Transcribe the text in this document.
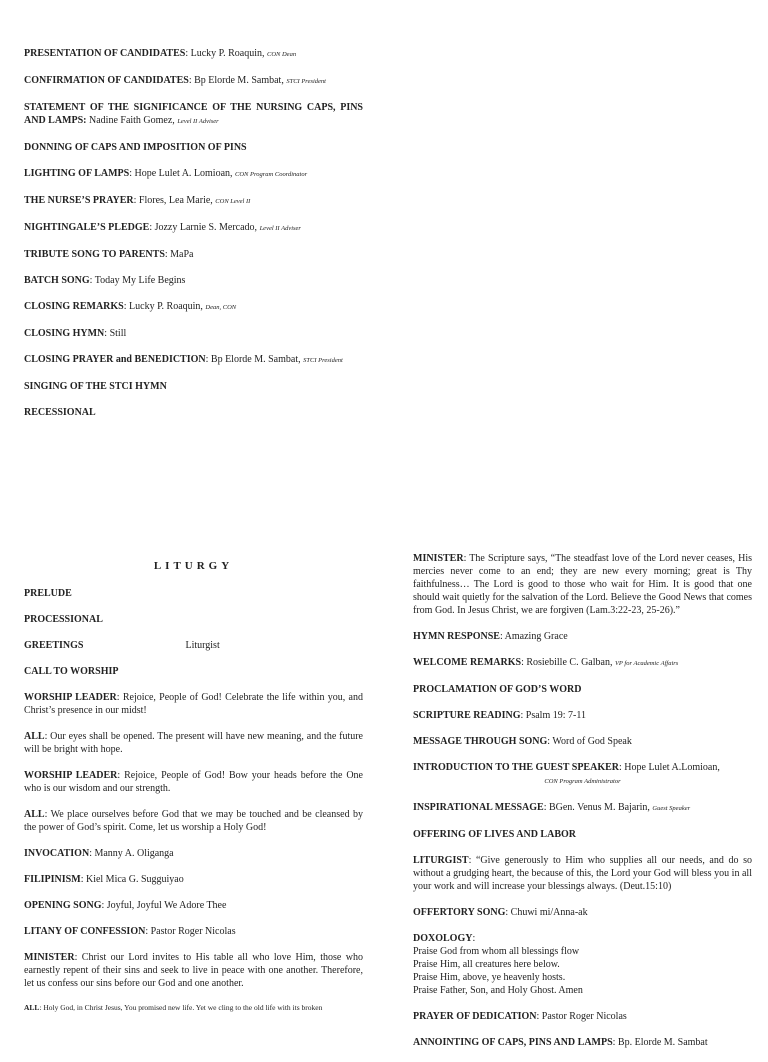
PRESENTATION OF CANDIDATES: Lucky P. Roaquin, CON Dean
CONFIRMATION OF CANDIDATES: Bp Elorde M. Sambat, STCI President
STATEMENT OF THE SIGNIFICANCE OF THE NURSING CAPS, PINS AND LAMPS: Nadine Faith Gomez, Level II Adviser
DONNING OF CAPS AND IMPOSITION OF PINS
LIGHTING OF LAMPS: Hope Lulet A. Lomioan, CON Program Coordinator
THE NURSE’S PRAYER: Flores, Lea Marie, CON Level II
NIGHTINGALE’S PLEDGE: Jozzy Larnie S. Mercado, Level II Adviser
TRIBUTE SONG TO PARENTS: MaPa
BATCH SONG: Today My Life Begins
CLOSING REMARKS: Lucky P. Roaquin, Dean, CON
CLOSING HYMN: Still
CLOSING PRAYER and BENEDICTION: Bp Elorde M. Sambat, STCI President
SINGING OF THE STCI HYMN
RECESSIONAL
LITURGY
PRELUDE
PROCESSIONAL
GREETINGS	Liturgist
CALL TO WORSHIP
WORSHIP LEADER: Rejoice, People of God! Celebrate the life within you, and Christ’s presence in our midst!
ALL: Our eyes shall be opened. The present will have new meaning, and the future will be bright with hope.
WORSHIP LEADER: Rejoice, People of God! Bow your heads before the One who is our wisdom and our strength.
ALL: We place ourselves before God that we may be touched and be cleansed by the power of God’s spirit. Come, let us worship a Holy God!
INVOCATION: Manny A. Oliganga
FILIPINISM: Kiel Mica G. Sugguiyao
OPENING SONG: Joyful, Joyful We Adore Thee
LITANY OF CONFESSION: Pastor Roger Nicolas
MINISTER: Christ our Lord invites to His table all who love Him, those who earnestly repent of their sins and seek to live in peace with one another. Therefore, let us confess our sins before our God and one another.
ALL: Holy God, in Christ Jesus, You promised new life. Yet we cling to the old life with its broken
MINISTER: The Scripture says, “The steadfast love of the Lord never ceases, His mercies never come to an end; they are new every morning; great is Thy faithfulness… The Lord is good to those who wait for Him. It is good that one should wait quietly for the salvation of the Lord. Believe the Good News that comes from God. In Jesus Christ, we are forgiven (Lam.3:22-23, 25-26).”
HYMN RESPONSE: Amazing Grace
WELCOME REMARKS: Rosiebille C. Galban, VP for Academic Affairs
PROCLAMATION OF GOD’S WORD
SCRIPTURE READING: Psalm 19: 7-11
MESSAGE THROUGH SONG: Word of God Speak
INTRODUCTION TO THE GUEST SPEAKER: Hope Lulet A.Lomioan,
CON Program Administrator
INSPIRATIONAL MESSAGE: BGen. Venus M. Bajarin, Guest Speaker
OFFERING OF LIVES AND LABOR
LITURGIST: “Give generously to Him who supplies all our needs, and do so without a grudging heart, the because of this, the Lord your God will bless you in all your work and will increase your blessings always. (Deut.15:10)
OFFERTORY SONG: Chuwi mi/Anna-ak
DOXOLOGY:
Praise God from whom all blessings flow
Praise Him, all creatures here below.
Praise Him, above, ye heavenly hosts.
Praise Father, Son, and Holy Ghost. Amen
PRAYER OF DEDICATION: Pastor Roger Nicolas
ANNOINTING OF CAPS, PINS AND LAMPS: Bp. Elorde M. Sambat
